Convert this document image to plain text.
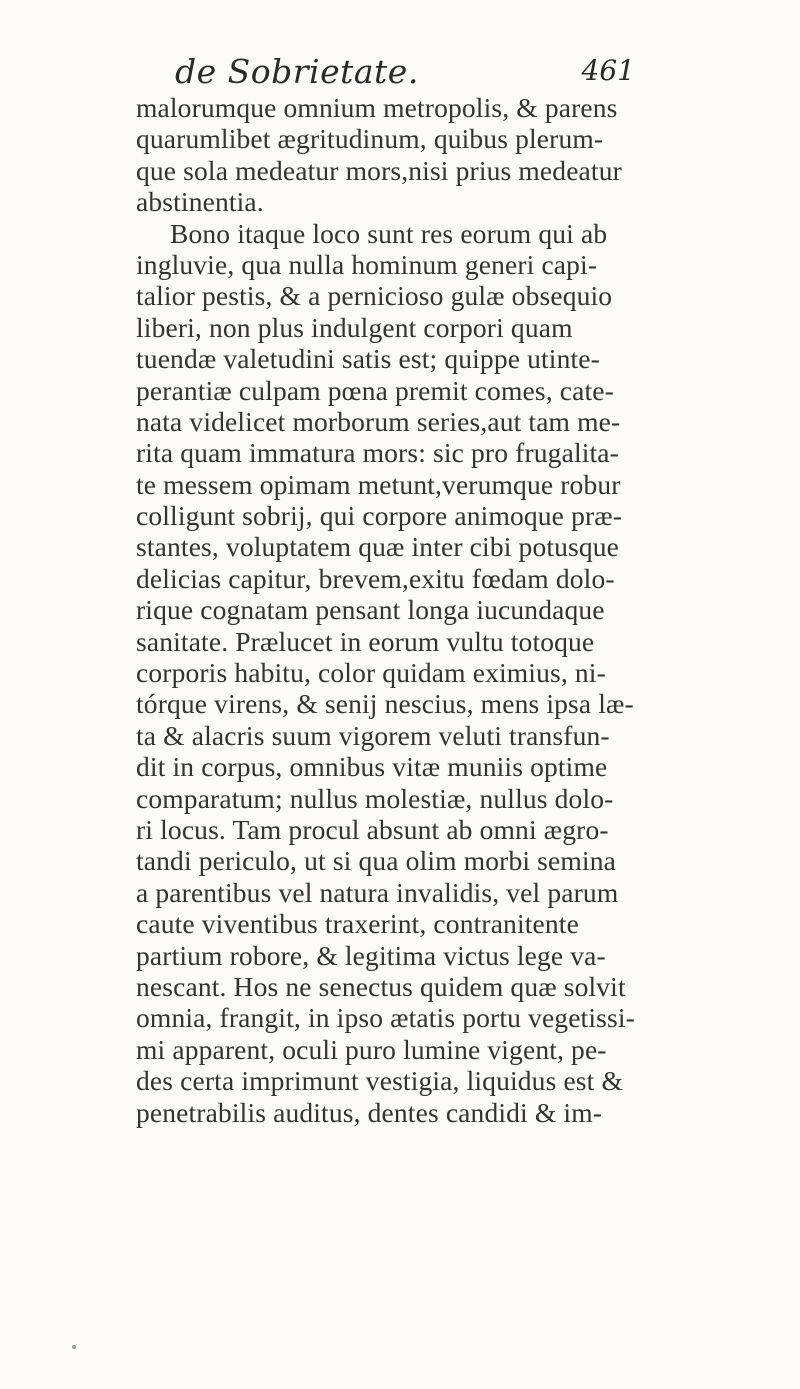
de Sobrietate.	461
malorumque omnium metropolis, & parens
quarumlibet ægritudinum, quibus plerum-
que sola medeatur mors,nisi prius medeatur
abstinentia.
Bono itaque loco sunt res eorum qui ab
ingluvie, qua nulla hominum generi capi-
talior pestis, & a pernicioso gulæ obsequio
liberi, non plus indulgent corpori quam
tuendæ valetudini satis est; quippe utinte-
perantiæ culpam pœna premit comes, cate-
nata videlicet morborum series,aut tam me-
rita quam immatura mors: sic pro frugalita-
te messem opimam metunt,verumque robur
colligunt sobrij, qui corpore animoque præ-
stantes, voluptatem quæ inter cibi potusque
delicias capitur, brevem,exitu fœdam dolo-
rique cognatam pensant longa iucundaque
sanitate. Prælucet in eorum vultu totoque
corporis habitu, color quidam eximius, ni-
tórque virens, & senij nescius, mens ipsa læ-
ta & alacris suum vigorem veluti transfun-
dit in corpus, omnibus vitæ muniis optime
comparatum; nullus molestiæ, nullus dolo-
ri locus. Tam procul absunt ab omni ægro-
tandi periculo, ut si qua olim morbi semina
a parentibus vel natura invalidis, vel parum
caute viventibus traxerint, contranitente
partium robore, & legitima victus lege va-
nescant. Hos ne senectus quidem quæ solvit
omnia, frangit, in ipso ætatis portu vegetissi-
mi apparent, oculi puro lumine vigent, pe-
des certa imprimunt vestigia, liquidus est &
penetrabilis auditus, dentes candidi & im-
